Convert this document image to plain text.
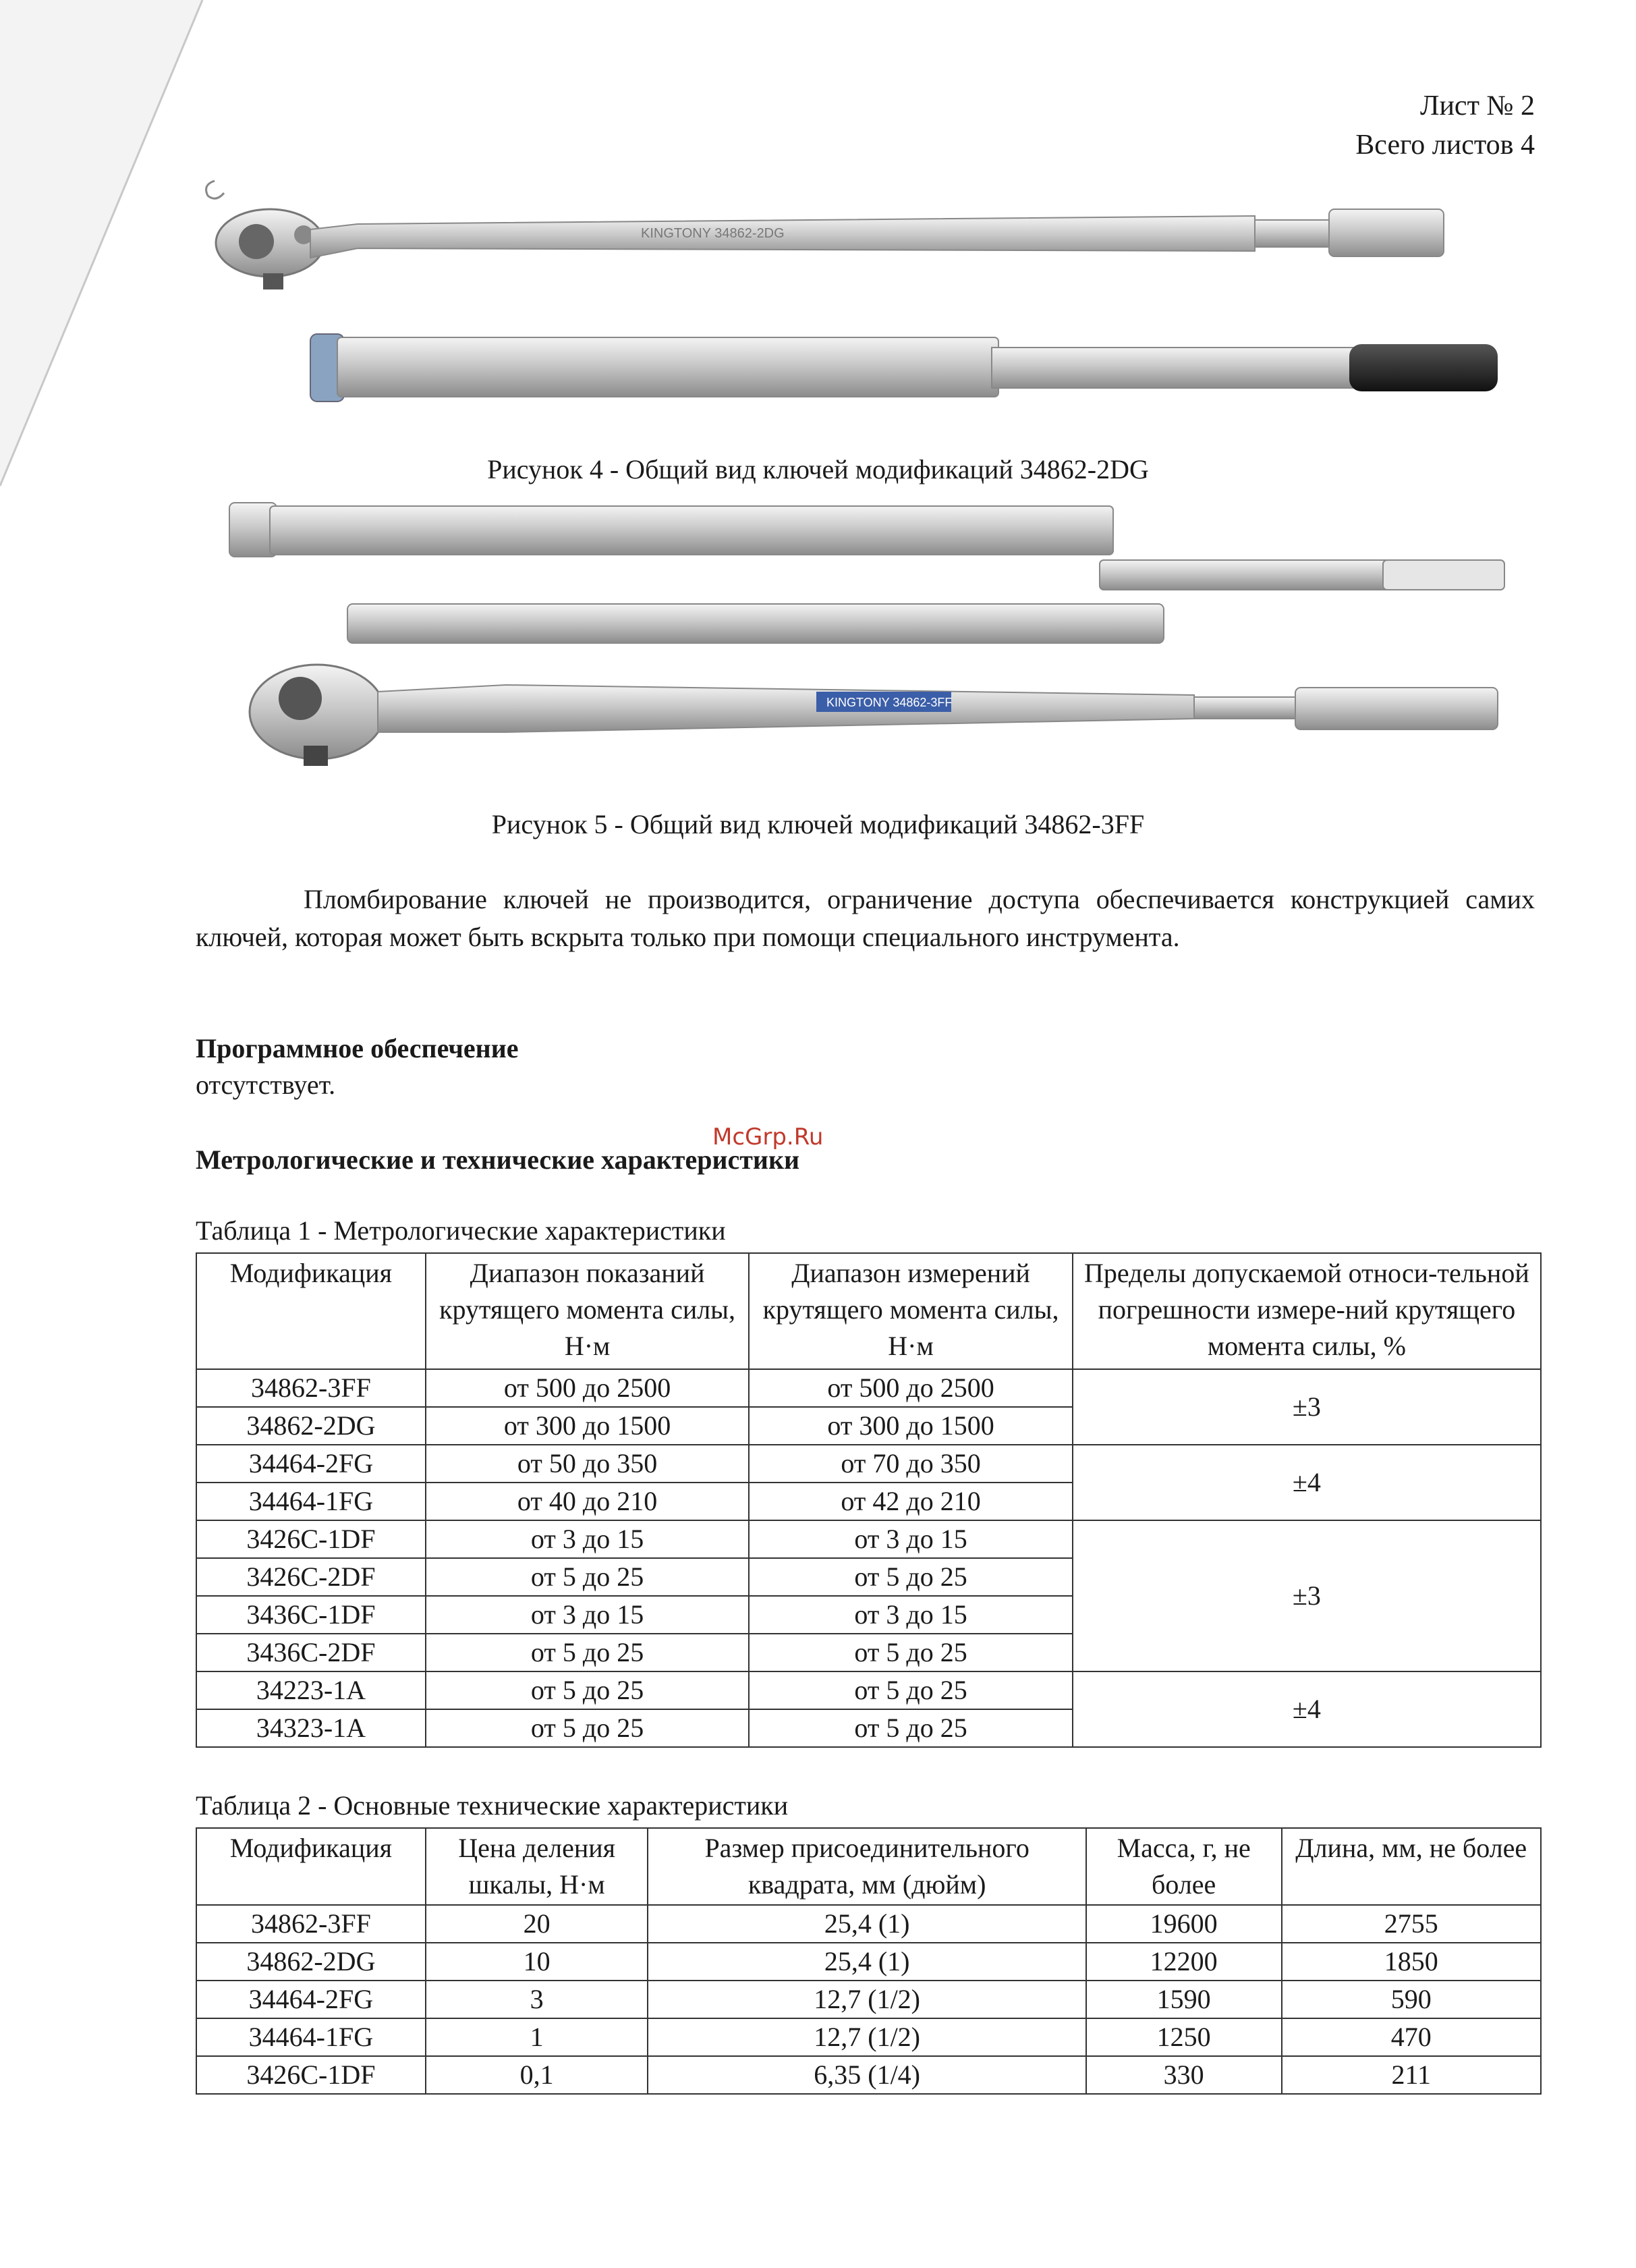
Лист № 2
Всего листов 4
KINGTONY 34862-2DG
Рисунок 4 - Общий вид ключей модификаций 34862-2DG
KINGTONY 34862-3FF
Рисунок 5 - Общий вид ключей модификаций 34862-3FF

Пломбирование ключей не производится, ограничение доступа обеспечивается конструкцией самих ключей, которая может быть вскрыта только при помощи специального инструмента.

Программное обеспечение
отсутствует.
McGrp.Ru
Метрологические и технические характеристики
Таблица 1 - Метрологические характеристики
Модификация	Диапазон показаний крутящего момента силы, Н·м	Диапазон измерений крутящего момента силы, Н·м	Пределы допускаемой относи-тельной погрешности измере-ний крутящего момента силы, %
34862-3FF	от 500 до 2500	от 500 до 2500	±3
34862-2DG	от 300 до 1500	от 300 до 1500	
34464-2FG	от 50 до 350	от 70 до 350	±4
34464-1FG	от 40 до 210	от 42 до 210	
3426C-1DF	от 3 до 15	от 3 до 15	±3
3426C-2DF	от 5 до 25	от 5 до 25	
3436C-1DF	от 3 до 15	от 3 до 15	
3436C-2DF	от 5 до 25	от 5 до 25	
34223-1A	от 5 до 25	от 5 до 25	±4
34323-1A	от 5 до 25	от 5 до 25	
Таблица 2 - Основные технические характеристики
Модификация	Цена деления шкалы, Н·м	Размер присоединительного квадрата, мм (дюйм)	Масса, г, не более	Длина, мм, не более
34862-3FF	20	25,4 (1)	19600	2755
34862-2DG	10	25,4 (1)	12200	1850
34464-2FG	3	12,7 (1/2)	1590	590
34464-1FG	1	12,7 (1/2)	1250	470
3426C-1DF	0,1	6,35 (1/4)	330	211
